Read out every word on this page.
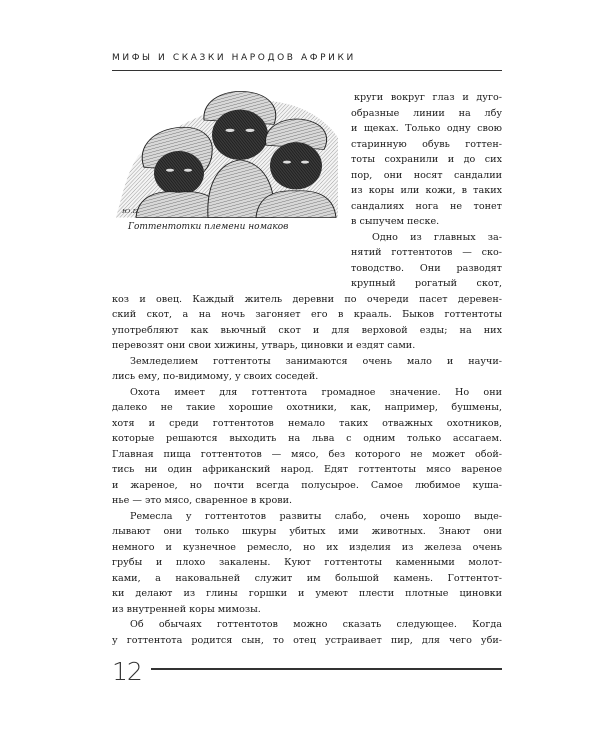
МИФЫ И СКАЗКИ НАРОДОВ АФРИКИ
Ю.Б.
Готтентотки племени номаков
круги вокруг глаз и дуго-
образные линии на лбу
и щеках. Только одну свою
старинную обувь готтен-
тоты сохранили и до сих
пор, они носят сандалии
из коры или кожи, в таких
сандалиях нога не тонет
в сыпучем песке.
Одно из главных за-
нятий готтентотов — ско-
товодство. Они разводят
крупный рогатый скот,
коз и овец. Каждый житель деревни по очереди пасет деревен-
ский скот, а на ночь загоняет его в крааль. Быков готтентоты
употребляют как вьючный скот и для верховой езды; на них
перевозят они свои хижины, утварь, циновки и ездят сами.
Земледелием готтентоты занимаются очень мало и научи-
лись ему, по-видимому, у своих соседей.
Охота имеет для готтентота громадное значение. Но они
далеко не такие хорошие охотники, как, например, бушмены,
хотя и среди готтентотов немало таких отважных охотников,
которые решаются выходить на льва с одним только ассагаем.
Главная пища готтентотов — мясо, без которого не может обой-
тись ни один африканский народ. Едят готтентоты мясо вареное
и жареное, но почти всегда полусырое. Самое любимое куша-
нье — это мясо, сваренное в крови.
Ремесла у готтентотов развиты слабо, очень хорошо выде-
лывают они только шкуры убитых ими животных. Знают они
немного и кузнечное ремесло, но их изделия из железа очень
грубы и плохо закалены. Куют готтентоты каменными молот-
ками, а наковальней служит им большой камень. Готтентот-
ки делают из глины горшки и умеют плести плотные циновки
из внутренней коры мимозы.
Об обычаях готтентотов можно сказать следующее. Когда
у готтентота родится сын, то отец устраивает пир, для чего уби-
12
